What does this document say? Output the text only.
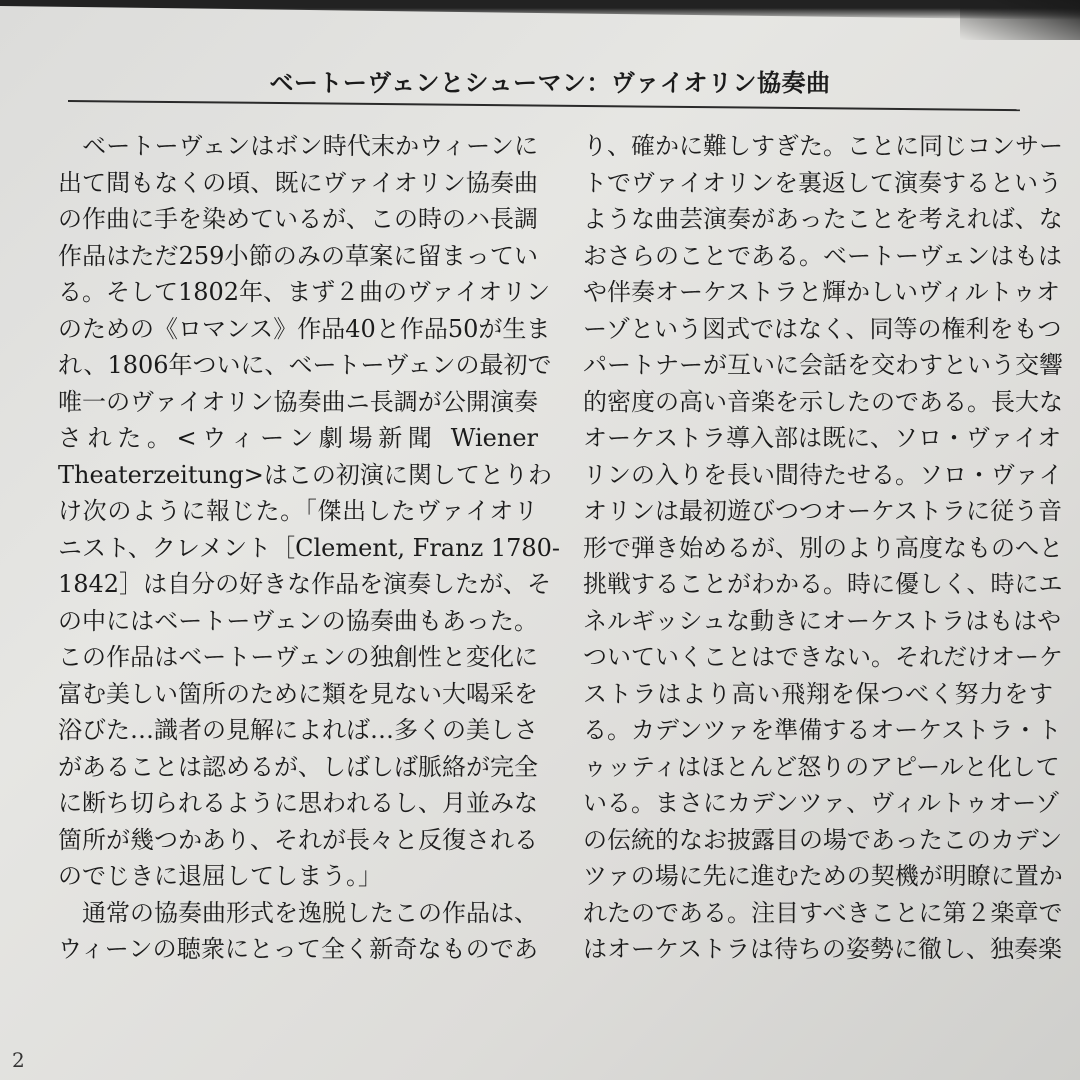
ベートーヴェンとシューマン：ヴァイオリン協奏曲
　ベートーヴェンはボン時代末かウィーンに
出て間もなくの頃、既にヴァイオリン協奏曲
の作曲に手を染めているが、この時のハ長調
作品はただ259小節のみの草案に留まってい
る。そして1802年、まず２曲のヴァイオリン
のための《ロマンス》作品40と作品50が生ま
れ、1806年ついに、ベートーヴェンの最初で
唯一のヴァイオリン協奏曲ニ長調が公開演奏
された。<ウィーン劇場新聞 Wiener
Theaterzeitung>はこの初演に関してとりわ
け次のように報じた。「傑出したヴァイオリ
ニスト、クレメント［Clement, Franz 1780-
1842］は自分の好きな作品を演奏したが、そ
の中にはベートーヴェンの協奏曲もあった。
この作品はベートーヴェンの独創性と変化に
富む美しい箇所のために類を見ない大喝采を
浴びた…識者の見解によれば…多くの美しさ
があることは認めるが、しばしば脈絡が完全
に断ち切られるように思われるし、月並みな
箇所が幾つかあり、それが長々と反復される
のでじきに退屈してしまう。」
　通常の協奏曲形式を逸脱したこの作品は、
ウィーンの聴衆にとって全く新奇なものであ
り、確かに難しすぎた。ことに同じコンサー
トでヴァイオリンを裏返して演奏するという
ような曲芸演奏があったことを考えれば、な
おさらのことである。ベートーヴェンはもは
や伴奏オーケストラと輝かしいヴィルトゥオ
ーゾという図式ではなく、同等の権利をもつ
パートナーが互いに会話を交わすという交響
的密度の高い音楽を示したのである。長大な
オーケストラ導入部は既に、ソロ・ヴァイオ
リンの入りを長い間待たせる。ソロ・ヴァイ
オリンは最初遊びつつオーケストラに従う音
形で弾き始めるが、別のより高度なものへと
挑戦することがわかる。時に優しく、時にエ
ネルギッシュな動きにオーケストラはもはや
ついていくことはできない。それだけオーケ
ストラはより高い飛翔を保つべく努力をす
る。カデンツァを準備するオーケストラ・ト
ゥッティはほとんど怒りのアピールと化して
いる。まさにカデンツァ、ヴィルトゥオーゾ
の伝統的なお披露目の場であったこのカデン
ツァの場に先に進むための契機が明瞭に置か
れたのである。注目すべきことに第２楽章で
はオーケストラは待ちの姿勢に徹し、独奏楽
2
